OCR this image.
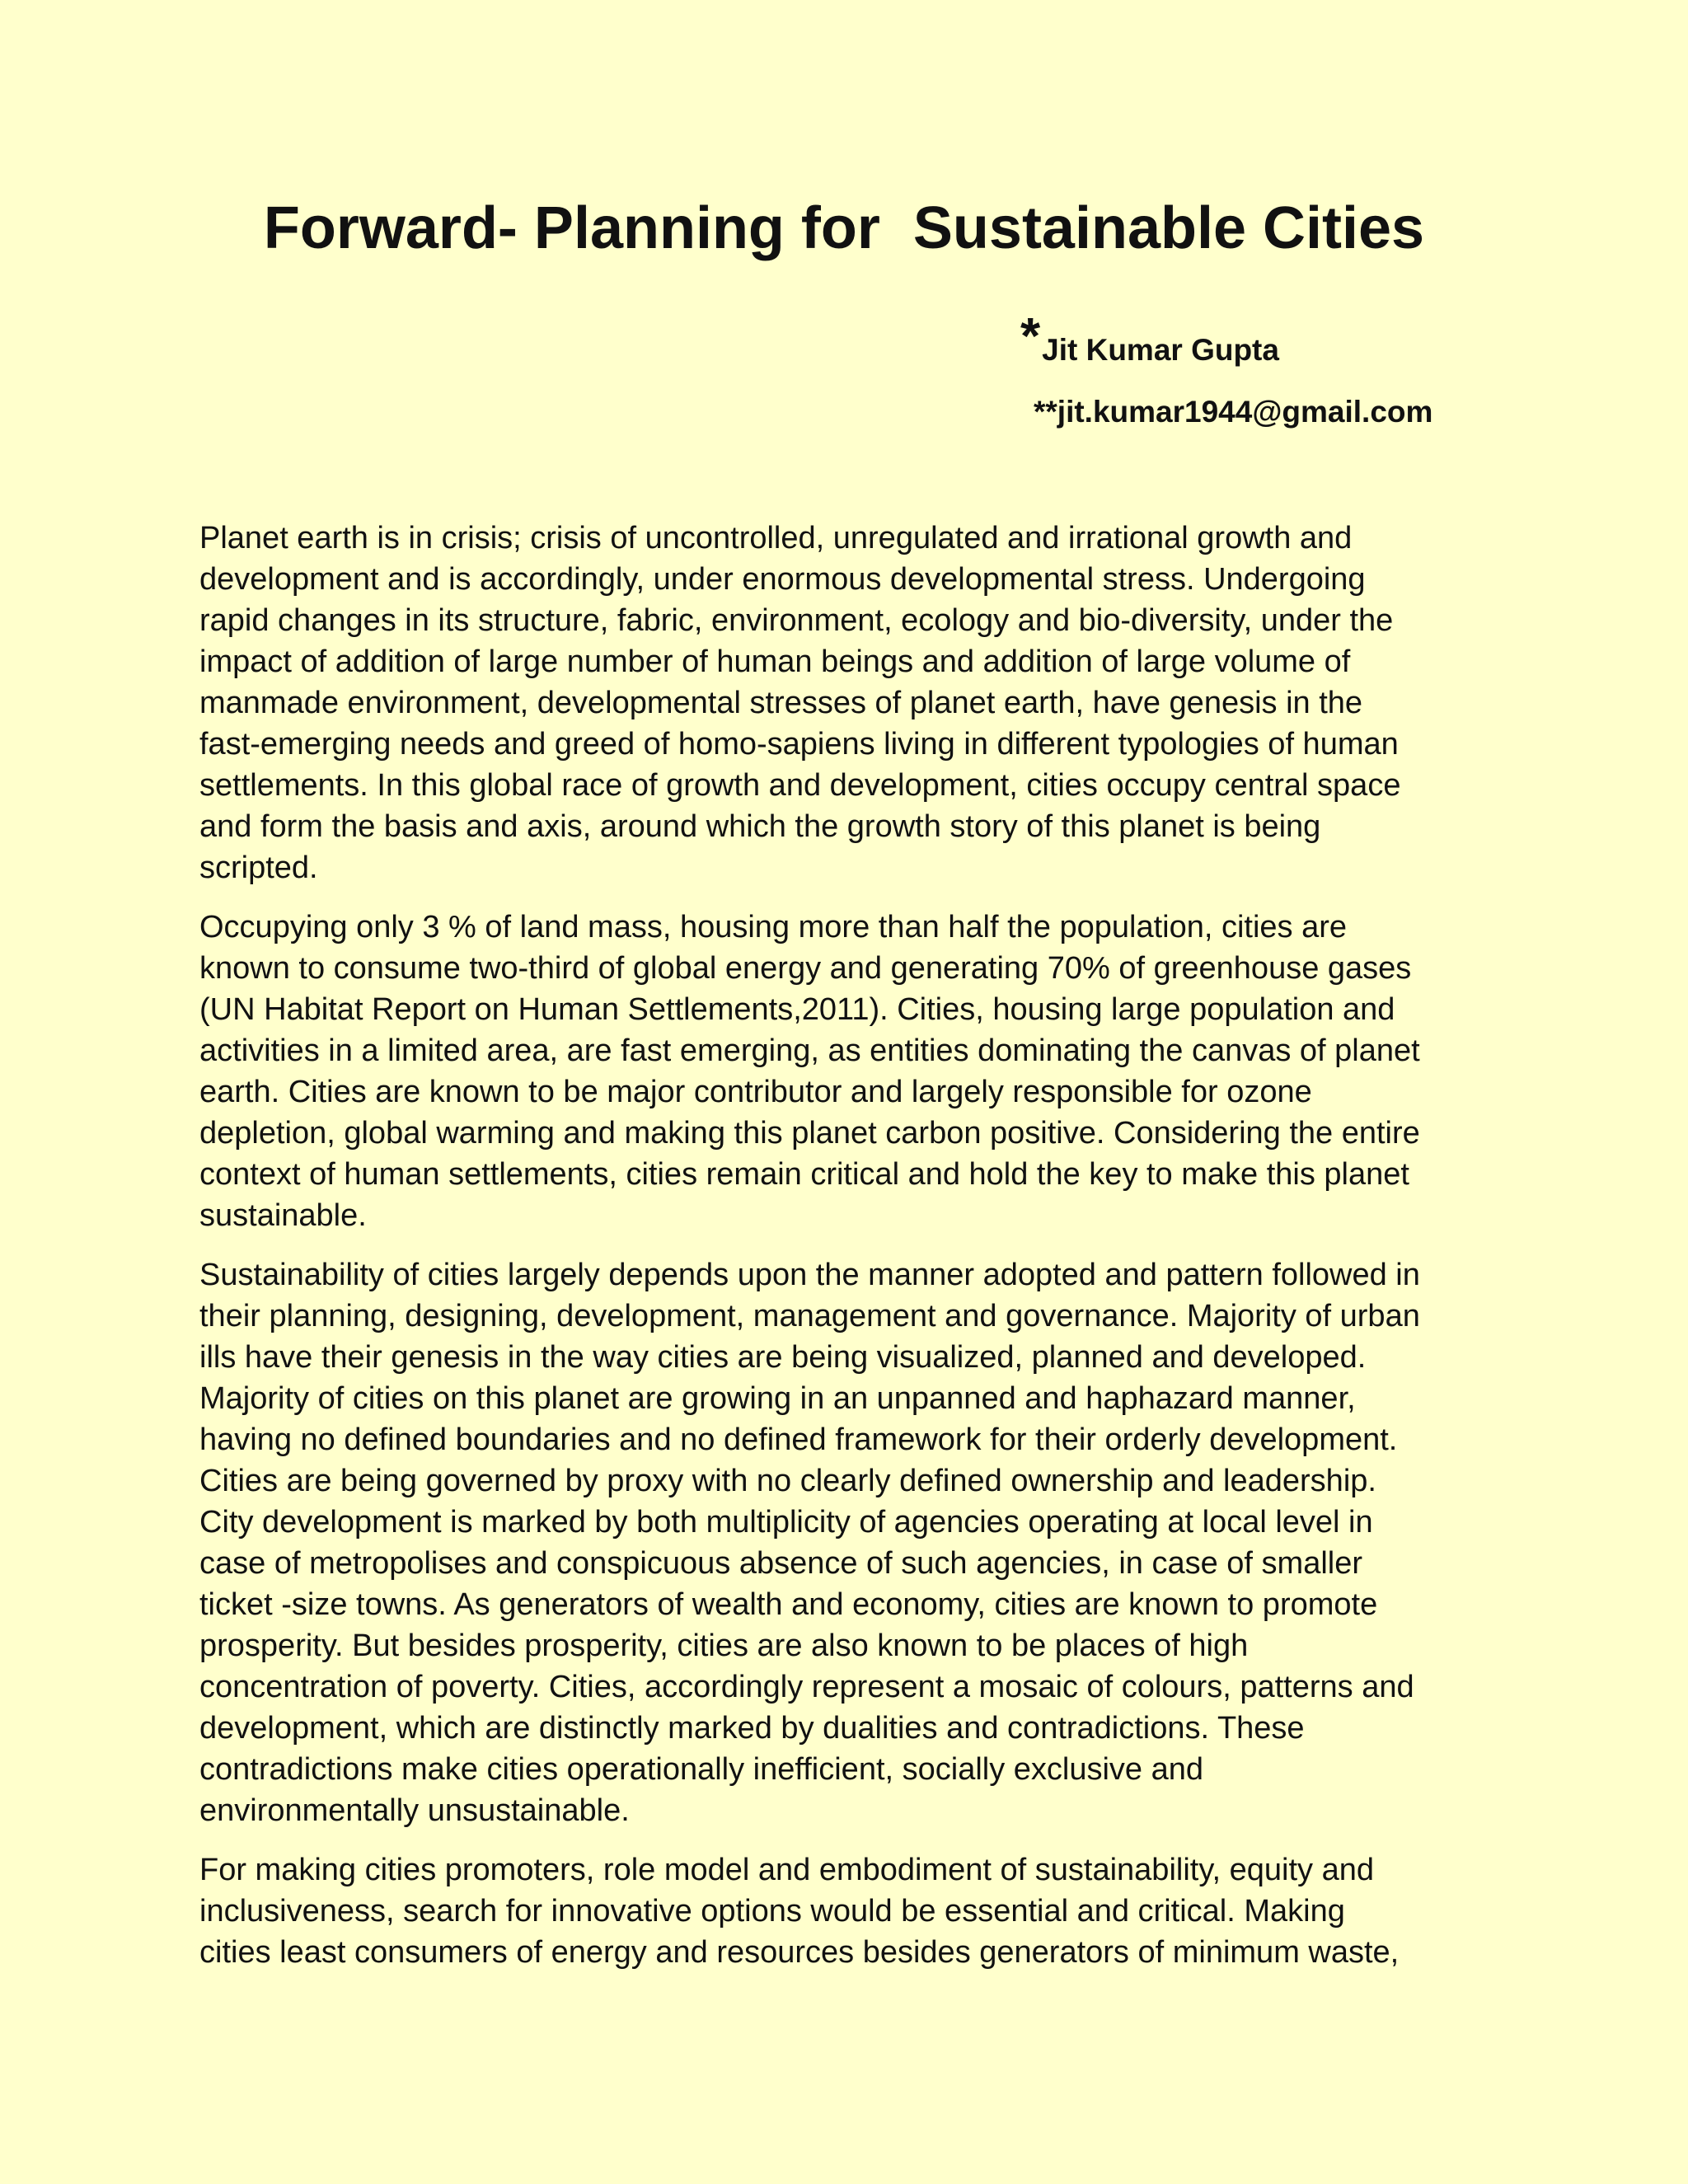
Forward- Planning for  Sustainable Cities
*Jit Kumar Gupta
**jit.kumar1944@gmail.com

Planet earth is in crisis; crisis of uncontrolled, unregulated and irrational growth and
development and is accordingly, under enormous developmental stress. Undergoing
rapid changes in its structure, fabric, environment, ecology and bio-diversity, under the
impact of addition of large number of human beings and addition of large volume of
manmade environment, developmental stresses of planet earth, have genesis in the
fast-emerging needs and greed of homo-sapiens living in different typologies of human
settlements. In this global race of growth and development, cities occupy central space
and form the basis and axis, around which the growth story of this planet is being
scripted.

Occupying only 3 % of land mass, housing more than half the population, cities are
known to consume two-third of global energy and generating 70% of greenhouse gases
(UN Habitat Report on Human Settlements,2011). Cities, housing large population and
activities in a limited area, are fast emerging, as entities dominating the canvas of planet
earth. Cities are known to be major contributor and largely responsible for ozone
depletion, global warming and making this planet carbon positive. Considering the entire
context of human settlements, cities remain critical and hold the key to make this planet
sustainable.

Sustainability of cities largely depends upon the manner adopted and pattern followed in
their planning, designing, development, management and governance. Majority of urban
ills have their genesis in the way cities are being visualized, planned and developed.
Majority of cities on this planet are growing in an unpanned and haphazard manner,
having no defined boundaries and no defined framework for their orderly development.
Cities are being governed by proxy with no clearly defined ownership and leadership.
City development is marked by both multiplicity of agencies operating at local level in
case of metropolises and conspicuous absence of such agencies, in case of smaller
ticket -size towns. As generators of wealth and economy, cities are known to promote
prosperity. But besides prosperity, cities are also known to be places of high
concentration of poverty. Cities, accordingly represent a mosaic of colours, patterns and
development, which are distinctly marked by dualities and contradictions. These
contradictions make cities operationally inefficient, socially exclusive and
environmentally unsustainable.

For making cities promoters, role model and embodiment of sustainability, equity and
inclusiveness, search for innovative options would be essential and critical. Making
cities least consumers of energy and resources besides generators of minimum waste,
